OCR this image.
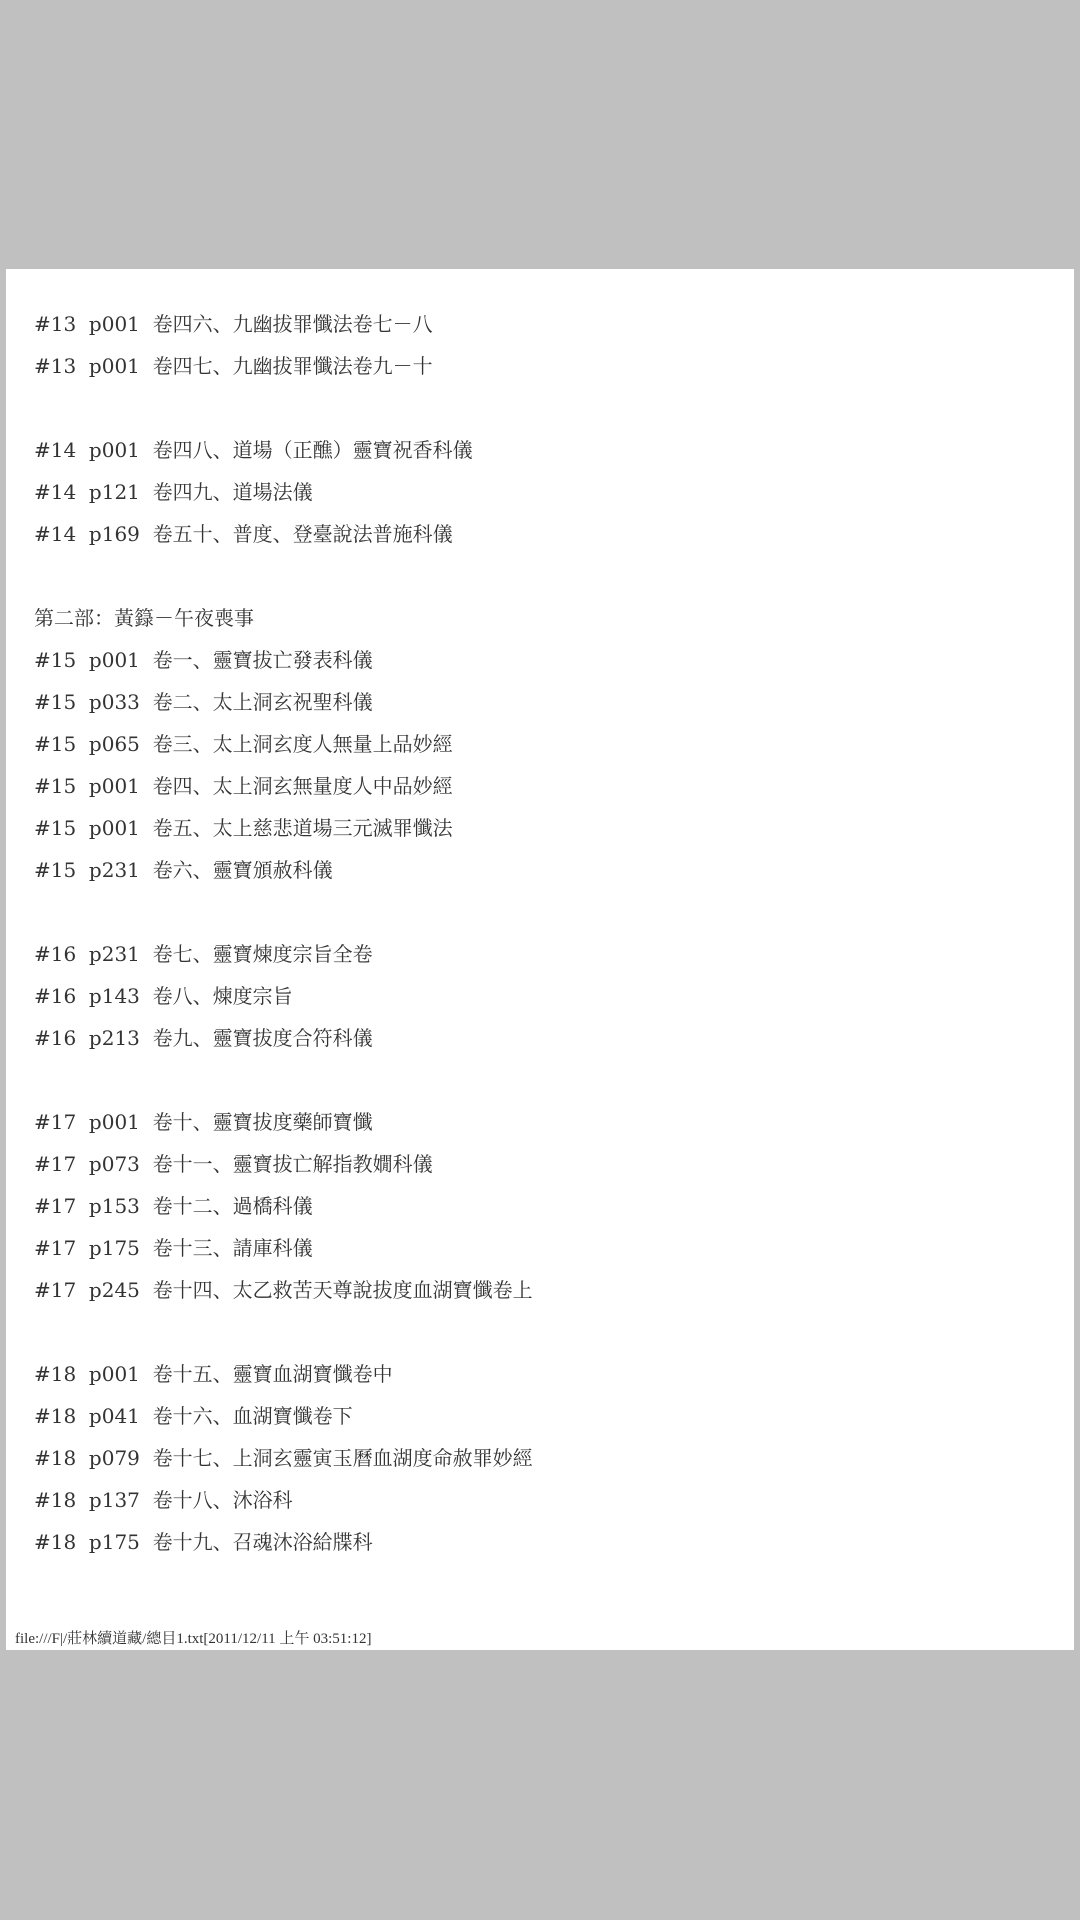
#13  p001  卷四六、九幽拔罪懺法卷七－八
#13  p001  卷四七、九幽拔罪懺法卷九－十
#14  p001  卷四八、道場（正醮）靈寶祝香科儀
#14  p121  卷四九、道場法儀
#14  p169  卷五十、普度、登臺說法普施科儀
第二部：黃籙－午夜喪事
#15  p001  卷一、靈寶拔亡發表科儀
#15  p033  卷二、太上洞玄祝聖科儀
#15  p065  卷三、太上洞玄度人無量上品妙經
#15  p001  卷四、太上洞玄無量度人中品妙經
#15  p001  卷五、太上慈悲道場三元滅罪懺法
#15  p231  卷六、靈寶頒赦科儀
#16  p231  卷七、靈寶煉度宗旨全卷
#16  p143  卷八、煉度宗旨
#16  p213  卷九、靈寶拔度合符科儀
#17  p001  卷十、靈寶拔度藥師寶懺
#17  p073  卷十一、靈寶拔亡解指教嫺科儀
#17  p153  卷十二、過橋科儀
#17  p175  卷十三、請庫科儀
#17  p245  卷十四、太乙救苦天尊說拔度血湖寶懺卷上
#18  p001  卷十五、靈寶血湖寶懺卷中
#18  p041  卷十六、血湖寶懺卷下
#18  p079  卷十七、上洞玄靈寅玉曆血湖度命赦罪妙經
#18  p137  卷十八、沐浴科
#18  p175  卷十九、召魂沐浴給牒科
file:///F|/莊林續道藏/總目1.txt[2011/12/11 上午 03:51:12]
